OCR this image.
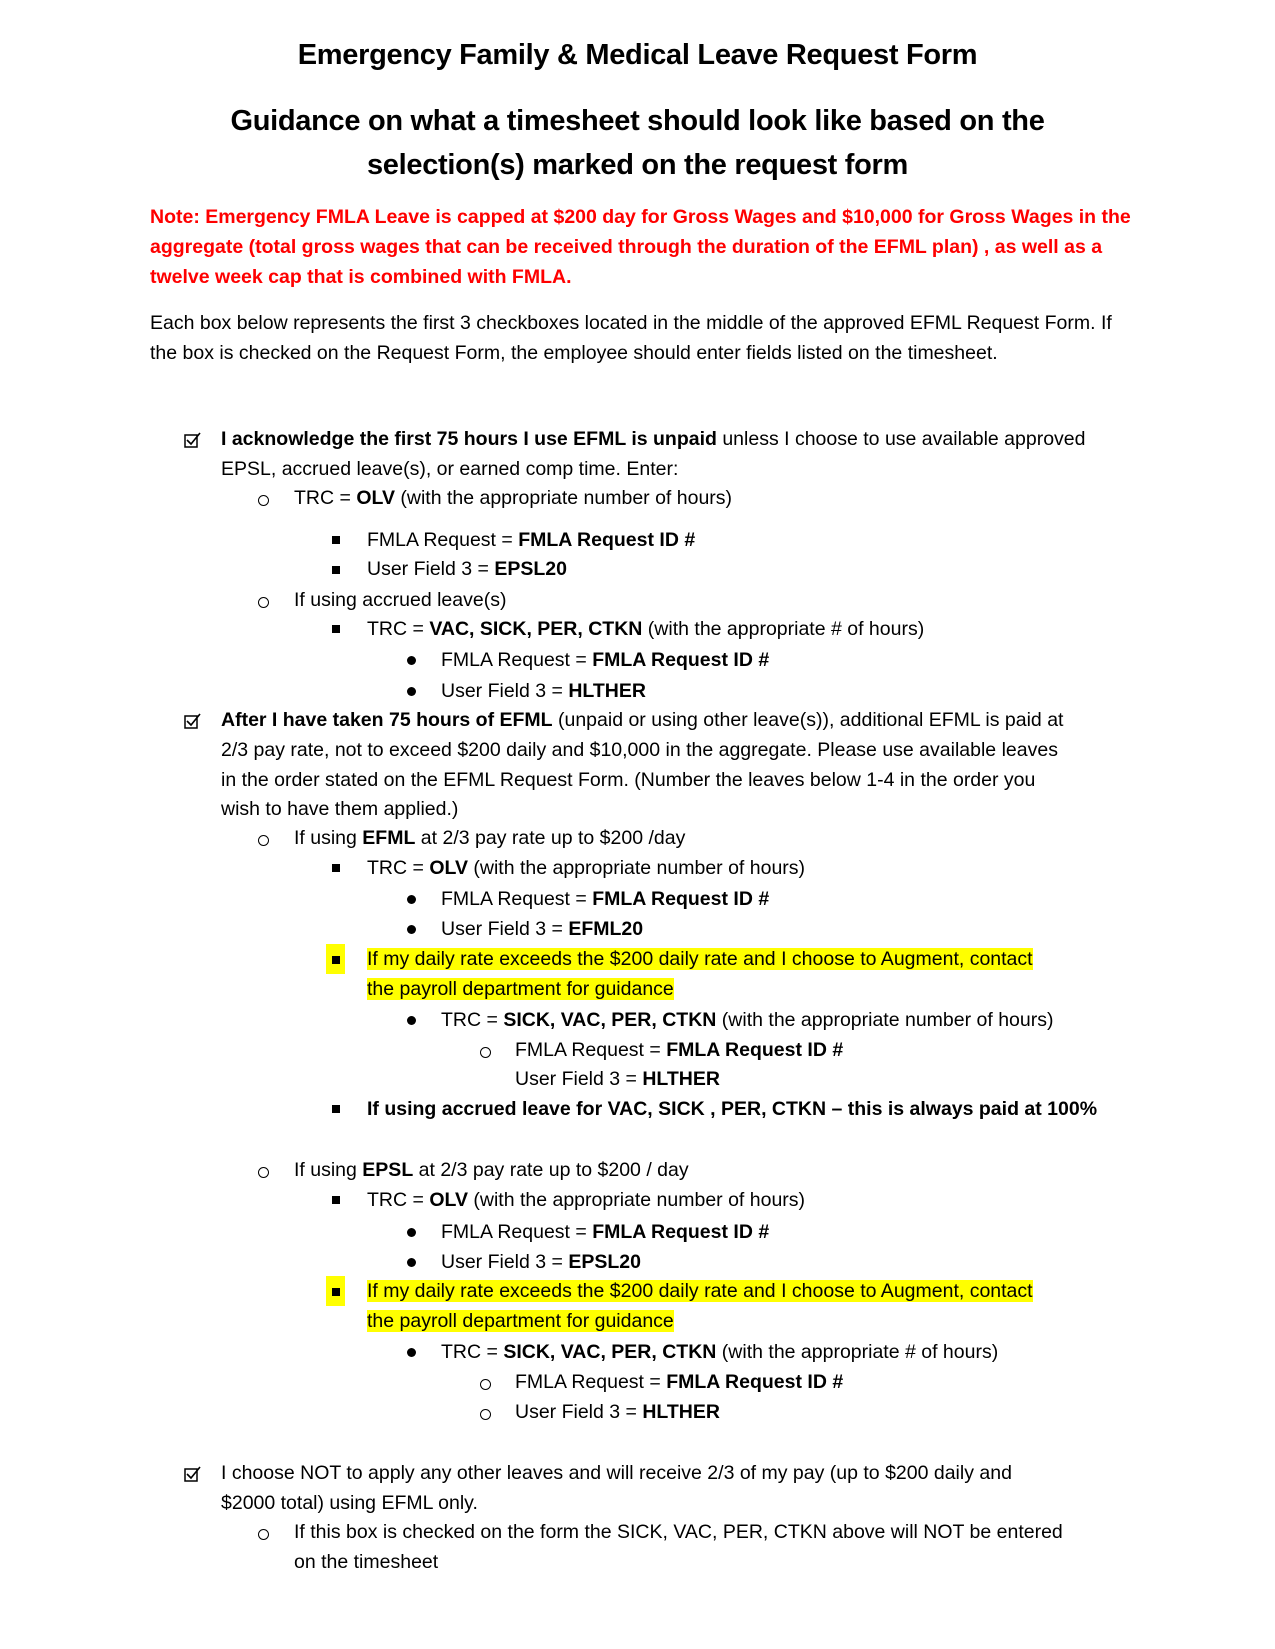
Emergency Family & Medical Leave Request Form
Guidance on what a timesheet should look like based on the
selection(s) marked on the request form
Note: Emergency FMLA Leave is capped at $200 day for Gross Wages and $10,000 for Gross Wages in the aggregate (total gross wages that can be received through the duration of the EFML plan) , as well as a twelve week cap that is combined with FMLA.
Each box below represents the first 3 checkboxes located in the middle of the approved EFML Request Form. If the box is checked on the Request Form, the employee should enter fields listed on the timesheet.
I acknowledge the first 75 hours I use EFML is unpaid unless I choose to use available approved
EPSL, accrued leave(s), or earned comp time. Enter:
TRC = OLV (with the appropriate number of hours)
FMLA Request = FMLA Request ID #
User Field 3 = EPSL20
If using accrued leave(s)
TRC = VAC, SICK, PER, CTKN (with the appropriate # of hours)
FMLA Request = FMLA Request ID #
User Field 3 = HLTHER
After I have taken 75 hours of EFML (unpaid or using other leave(s)), additional EFML is paid at
2/3 pay rate, not to exceed $200 daily and $10,000 in the aggregate. Please use available leaves
in the order stated on the EFML Request Form. (Number the leaves below 1-4 in the order you
wish to have them applied.)
If using EFML at 2/3 pay rate up to $200 /day
TRC = OLV (with the appropriate number of hours)
FMLA Request = FMLA Request ID #
User Field 3 = EFML20
If my daily rate exceeds the $200 daily rate and I choose to Augment, contact
the payroll department for guidance
TRC = SICK, VAC, PER, CTKN (with the appropriate number of hours)
FMLA Request = FMLA Request ID #
User Field 3 = HLTHER
If using accrued leave for VAC, SICK , PER, CTKN – this is always paid at 100%
If using EPSL at 2/3 pay rate up to $200 / day
TRC = OLV (with the appropriate number of hours)
FMLA Request = FMLA Request ID #
User Field 3 = EPSL20
If my daily rate exceeds the $200 daily rate and I choose to Augment, contact
the payroll department for guidance
TRC = SICK, VAC, PER, CTKN (with the appropriate # of hours)
FMLA Request = FMLA Request ID #
User Field 3 = HLTHER
I choose NOT to apply any other leaves and will receive 2/3 of my pay (up to $200 daily and
$2000 total) using EFML only.
If this box is checked on the form the SICK, VAC, PER, CTKN above will NOT be entered
on the timesheet
